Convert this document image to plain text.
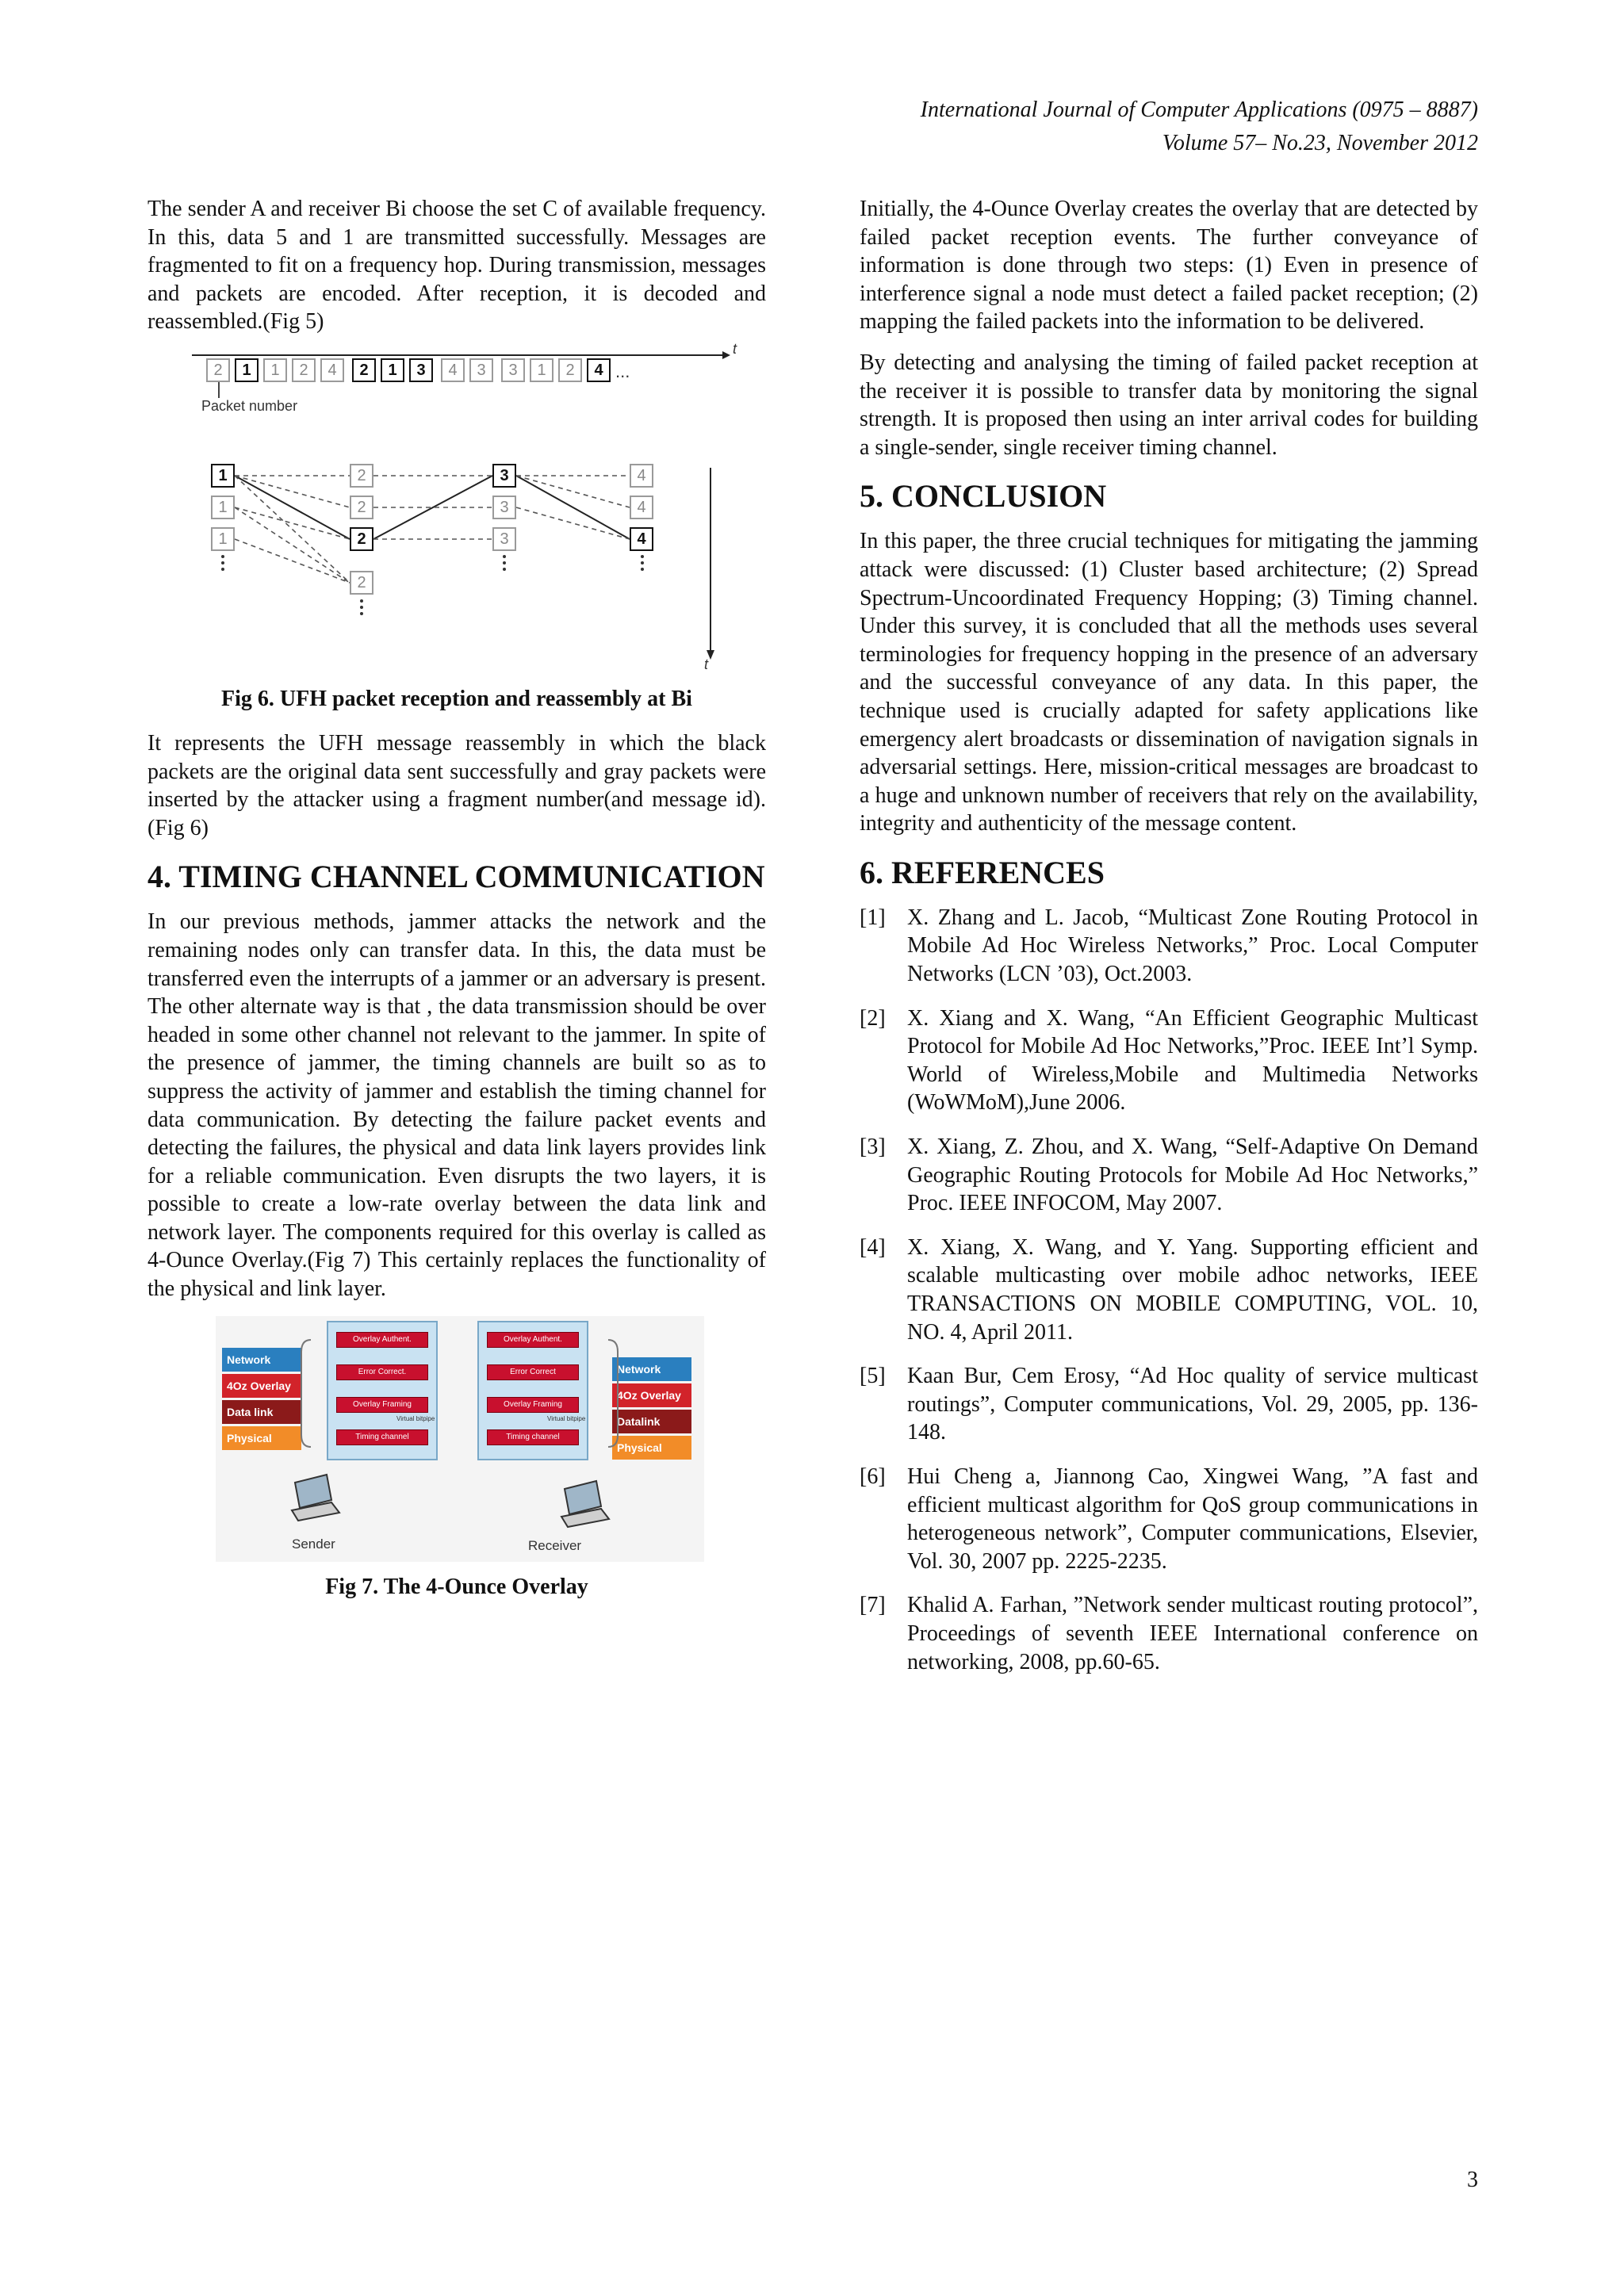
International Journal of Computer Applications (0975 – 8887)
Volume 57– No.23, November 2012

The sender A and receiver Bi choose the set C of available frequency. In this, data 5 and 1 are transmitted successfully. Messages are fragmented to fit on a frequency hop. During transmission, messages and packets are encoded. After reception, it is decoded and reassembled.(Fig 5)

t
t
2	1	1	2	4	2	1	3	4	3	3	1	2	4 ...
Packet number
1
1
1
2
2
2
2
3
3
3
4
4
4
Fig 6. UFH packet reception and reassembly at Bi

It represents the UFH message reassembly in which the black packets are the original data sent successfully and gray packets were inserted by the attacker using a fragment number(and message id).(Fig 6)

4. TIMING CHANNEL COMMUNICATION

In our previous methods, jammer attacks the network and the remaining nodes only can transfer data. In this, the data must be transferred even the interrupts of a jammer or an adversary is present. The other alternate way is that , the data transmission should be over headed in some other channel not relevant to the jammer. In spite of the presence of jammer, the timing channels are built so as to suppress the activity of jammer and establish the timing channel for data communication. By detecting the failure packet events and detecting the failures, the physical and data link layers provides link for a reliable communication. Even disrupts the two layers, it is possible to create a low-rate overlay between the data link and network layer. The components required for this overlay is called as 4-Ounce Overlay.(Fig 7) This certainly replaces the functionality of the physical and link layer.

Network
4Oz Overlay
Data link
Physical
Overlay Authent.
Error Correct.
Overlay Framing
Timing channel
Virtual bitpipe
Overlay Authent.
Error Correct
Overlay Framing
Timing channel
Virtual bitpipe
Network
4Oz Overlay
Datalink
Physical
Sender	Receiver
Fig 7. The 4-Ounce Overlay

Initially, the 4-Ounce Overlay creates the overlay that are detected by failed packet reception events. The further conveyance of information is done through two steps: (1) Even in presence of interference signal a node must detect a failed packet reception; (2) mapping the failed packets into the information to be delivered.

By detecting and analysing the timing of failed packet reception at the receiver it is possible to transfer data by monitoring the signal strength. It is proposed then using an inter arrival codes for building a single-sender, single receiver timing channel.

5. CONCLUSION

In this paper, the three crucial techniques for mitigating the jamming attack were discussed: (1) Cluster based architecture; (2) Spread Spectrum-Uncoordinated Frequency Hopping; (3) Timing channel. Under this survey, it is concluded that all the methods uses several terminologies for frequency hopping in the presence of an adversary and the successful conveyance of any data. In this paper, the technique used is crucially adapted for safety applications like emergency alert broadcasts or dissemination of navigation signals in adversarial settings. Here, mission-critical messages are broadcast to a huge and unknown number of receivers that rely on the availability, integrity and authenticity of the message content.

6. REFERENCES
[1] X. Zhang and L. Jacob, “Multicast Zone Routing Protocol in Mobile Ad Hoc Wireless Networks,” Proc. Local Computer Networks (LCN ’03), Oct.2003.
[2] X. Xiang and X. Wang, “An Efficient Geographic Multicast Protocol for Mobile Ad Hoc Networks,”Proc. IEEE Int’l Symp. World of Wireless,Mobile and Multimedia Networks (WoWMoM),June 2006.
[3] X. Xiang, Z. Zhou, and X. Wang, “Self-Adaptive On Demand Geographic Routing Protocols for Mobile Ad Hoc Networks,” Proc. IEEE INFOCOM, May 2007.
[4] X. Xiang, X. Wang, and Y. Yang. Supporting efficient and scalable multicasting over mobile adhoc networks, IEEE TRANSACTIONS ON MOBILE COMPUTING, VOL. 10, NO. 4, April 2011.
[5] Kaan Bur, Cem Erosy, “Ad Hoc quality of service multicast routings”, Computer communications, Vol. 29, 2005, pp. 136-148.
[6] Hui Cheng a, Jiannong Cao, Xingwei Wang, ”A fast and efficient multicast algorithm for QoS group communications in heterogeneous network”, Computer communications, Elsevier, Vol. 30, 2007 pp. 2225-2235.
[7] Khalid A. Farhan, ”Network sender multicast routing protocol”, Proceedings of seventh IEEE International conference on networking, 2008, pp.60-65.
3
